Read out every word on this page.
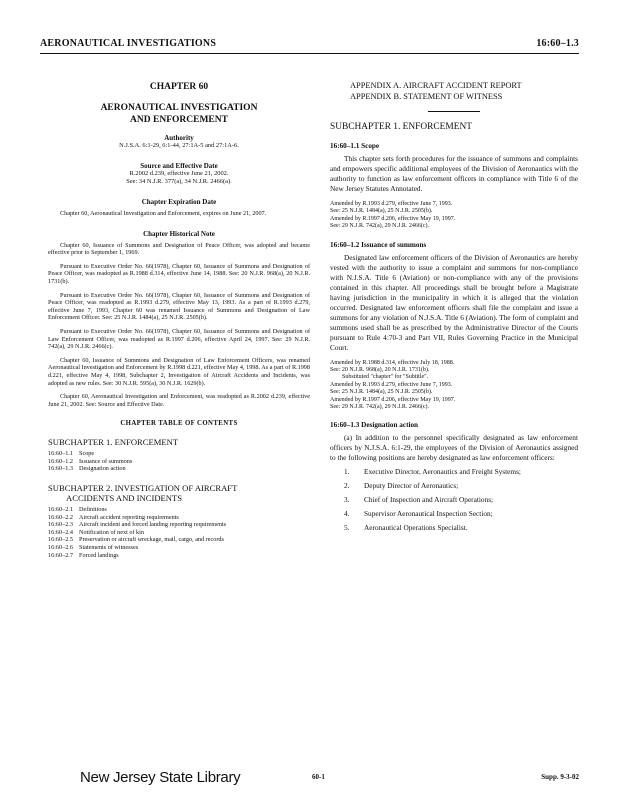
AERONAUTICAL INVESTIGATIONS	16:60–1.3
CHAPTER 60
AERONAUTICAL INVESTIGATION
AND ENFORCEMENT
Authority
N.J.S.A. 6:1-29, 6:1-44, 27:1A-5 and 27:1A-6.
Source and Effective Date
R.2002 d.239, effective June 21, 2002.
See: 34 N.J.R. 377(a), 34 N.J.R. 2466(a).
Chapter Expiration Date
Chapter 60, Aeronautical Investigation and Enforcement, expires on June 21, 2007.
Chapter Historical Note
Chapter 60, Issuance of Summons and Designation of Peace Officer, was adopted and became effective prior to September 1, 1969.
Pursuant to Executive Order No. 66(1978), Chapter 60, Issuance of Summons and Designation of Peace Officer, was readopted as R.1988 d.314, effective June 14, 1988. See: 20 N.J.R. 968(a), 20 N.J.R. 1731(b).
Pursuant to Executive Order No. 66(1978), Chapter 60, Issuance of Summons and Designation of Peace Officer, was readopted as R.1993 d.279, effective May 13, 1993. As a part of R.1993 d.279, effective June 7, 1993, Chapter 60 was renamed Issuance of Summons and Designation of Law Enforcement Officer. See: 25 N.J.R. 1484(a), 25 N.J.R. 2505(b).
Pursuant to Executive Order No. 66(1978), Chapter 60, Issuance of Summons and Designation of Law Enforcement Officer, was readopted as R.1997 d.206, effective April 24, 1997. See: 29 N.J.R. 742(a), 29 N.J.R. 2466(c).
Chapter 60, Issuance of Summons and Designation of Law Enforcement Officers, was renamed Aeronautical Investigation and Enforcement by R.1998 d.221, effective May 4, 1998. As a part of R.1998 d.221, effective May 4, 1998, Subchapter 2, Investigation of Aircraft Accidents and Incidents, was adopted as new rules. See: 30 N.J.R. 595(a), 30 N.J.R. 1629(b).
Chapter 60, Aeronautical Investigation and Enforcement, was readopted as R.2002 d.239, effective June 21, 2002. See: Source and Effective Date.
CHAPTER TABLE OF CONTENTS
SUBCHAPTER 1. ENFORCEMENT
16:60–1.1 Scope
16:60–1.2 Issuance of summons
16:60–1.3 Designation action
SUBCHAPTER 2. INVESTIGATION OF AIRCRAFT
ACCIDENTS AND INCIDENTS
16:60–2.1 Definitions
16:60–2.2 Aircraft accident reporting requirements
16:60–2.3 Aircraft incident and forced landing reporting requirements
16:60–2.4 Notification of next of kin
16:60–2.5 Preservation or aircraft wreckage, mail, cargo, and records
16:60–2.6 Statements of witnesses
16:60–2.7 Forced landings
APPENDIX A. AIRCRAFT ACCIDENT REPORT
APPENDIX B. STATEMENT OF WITNESS
SUBCHAPTER 1. ENFORCEMENT
16:60–1.1 Scope
This chapter sets forth procedures for the issuance of summons and complaints and empowers specific additional employees of the Division of Aeronautics with the authority to function as law enforcement officers in compliance with Title 6 of the New Jersey Statutes Annotated.
Amended by R.1993 d.279, effective June 7, 1993.
See: 25 N.J.R. 1484(a), 25 N.J.R. 2505(b).
Amended by R.1997 d.206, effective May 19, 1997.
See: 29 N.J.R. 742(a), 29 N.J.R. 2466(c).
16:60–1.2 Issuance of summons
Designated law enforcement officers of the Division of Aeronautics are hereby vested with the authority to issue a complaint and summons for non-compliance with N.J.S.A. Title 6 (Aviation) or non-compliance with any of the provisions contained in this chapter. All proceedings shall be brought before a Magistrate having jurisdiction in the municipality in which it is alleged that the violation occurred. Designated law enforcement officers shall file the complaint and issue a summons for any violation of N.J.S.A. Title 6 (Aviation). The form of complaint and summons used shall be as prescribed by the Administrative Director of the Courts pursuant to Rule 4:70-3 and Part VII, Rules Governing Practice in the Municipal Court.
Amended by R.1988 d.314, effective July 18, 1988.
See: 20 N.J.R. 968(a), 20 N.J.R. 1731(b).
Substituted "chapter" for "Subtitle".
Amended by R.1993 d.279, effective June 7, 1993.
See: 25 N.J.R. 1484(a), 25 N.J.R. 2505(b).
Amended by R.1997 d.206, effective May 19, 1997.
See: 29 N.J.R. 742(a), 29 N.J.R. 2466(c).
16:60–1.3 Designation action
(a) In addition to the personnel specifically designated as law enforcement officers by N.J.S.A. 6:1-29, the employees of the Division of Aeronautics assigned to the following positions are hereby designated as law enforcement officers:
1.	Executive Director, Aeronautics and Freight Systems;
2.	Deputy Director of Aeronautics;
3.	Chief of Inspection and Aircraft Operations;
4.	Supervisor Aeronautical Inspection Section;
5.	Aeronautical Operations Specialist.
New Jersey State Library	60-1	Supp. 9-3-02
